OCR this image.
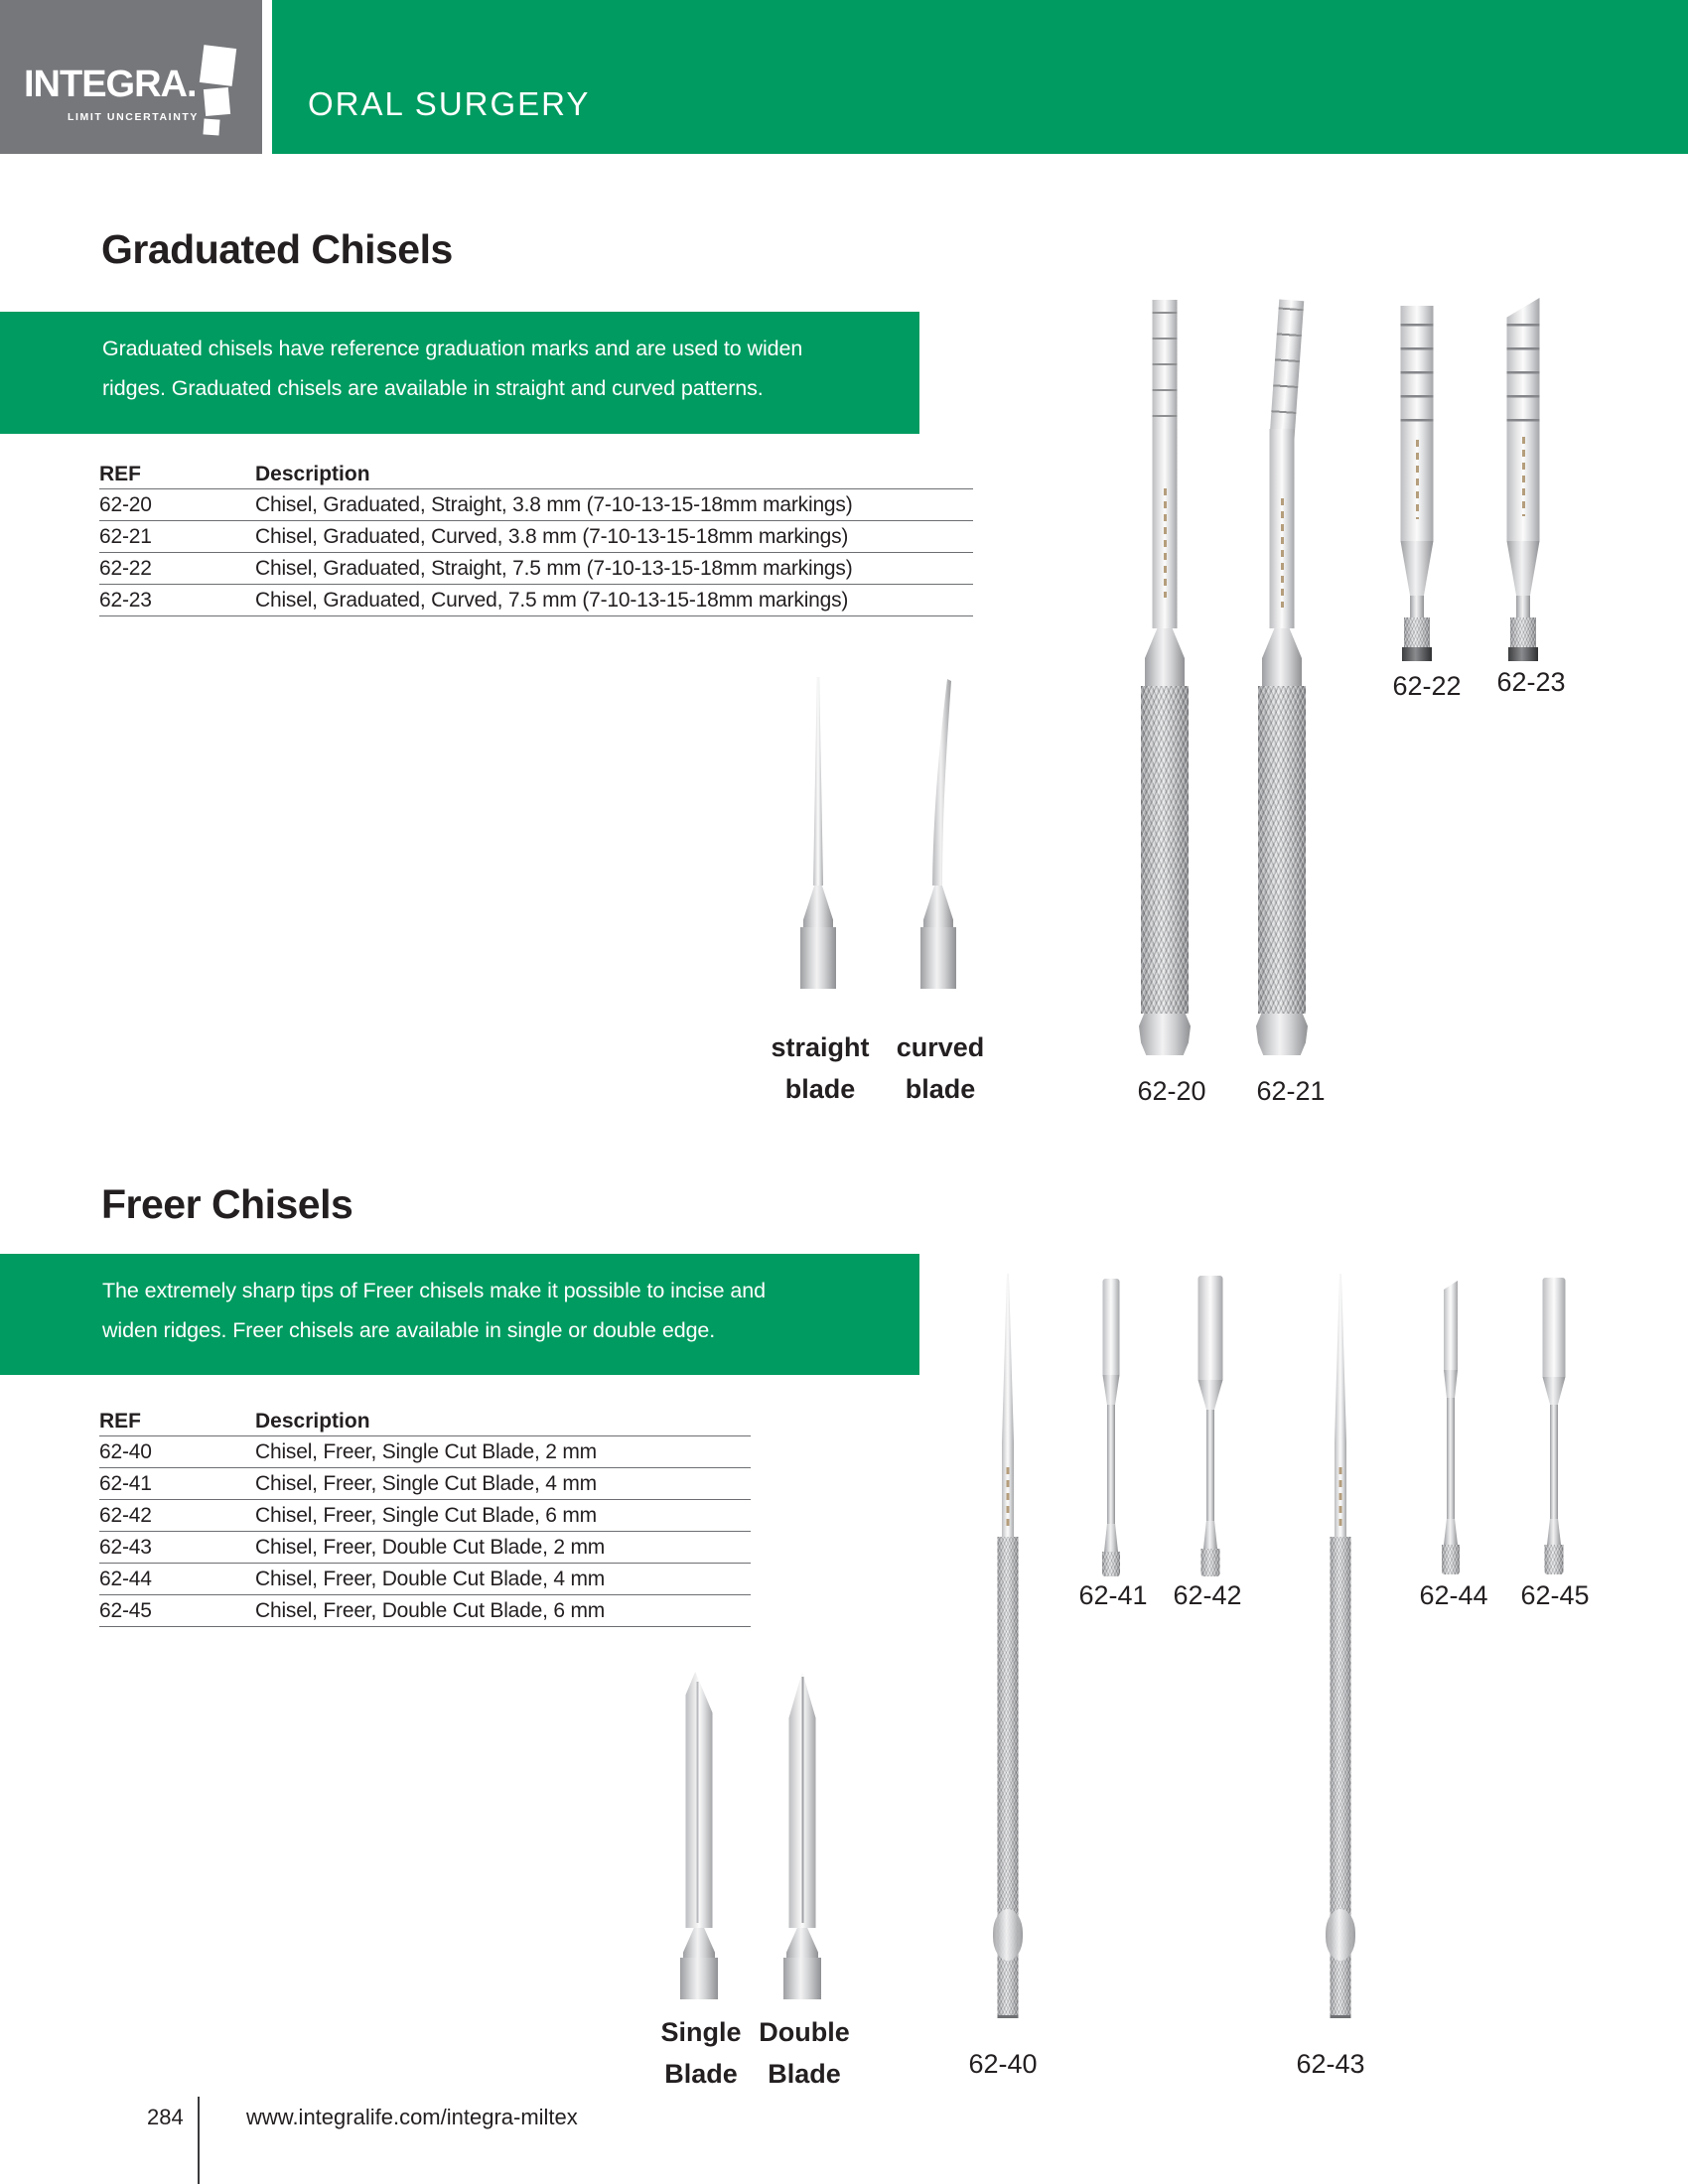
INTEGRA.
LIMIT UNCERTAINTY	ORAL SURGERY
Graduated Chisels
Graduated chisels have reference graduation marks and are used to widen
ridges. Graduated chisels are available in straight and curved patterns.
REF	Description
62-20	Chisel, Graduated, Straight, 3.8 mm (7-10-13-15-18mm markings)
62-21	Chisel, Graduated, Curved, 3.8 mm (7-10-13-15-18mm markings)
62-22	Chisel, Graduated, Straight, 7.5 mm (7-10-13-15-18mm markings)
62-23	Chisel, Graduated, Curved, 7.5 mm (7-10-13-15-18mm markings)
straight blade
curved blade	62-20 62-21
62-22 62-23
Freer Chisels
The extremely sharp tips of Freer chisels make it possible to incise and
widen ridges. Freer chisels are available in single or double edge.
REF	Description
62-40	Chisel, Freer, Single Cut Blade, 2 mm
62-41	Chisel, Freer, Single Cut Blade, 4 mm
62-42	Chisel, Freer, Single Cut Blade, 6 mm
62-43	Chisel, Freer, Double Cut Blade, 2 mm
62-44	Chisel, Freer, Double Cut Blade, 4 mm
62-45	Chisel, Freer, Double Cut Blade, 6 mm	62-41 62-42	62-44 62-45
Single Blade
Double Blade	62-40	62-43
284	www.integralife.com/integra-miltex
